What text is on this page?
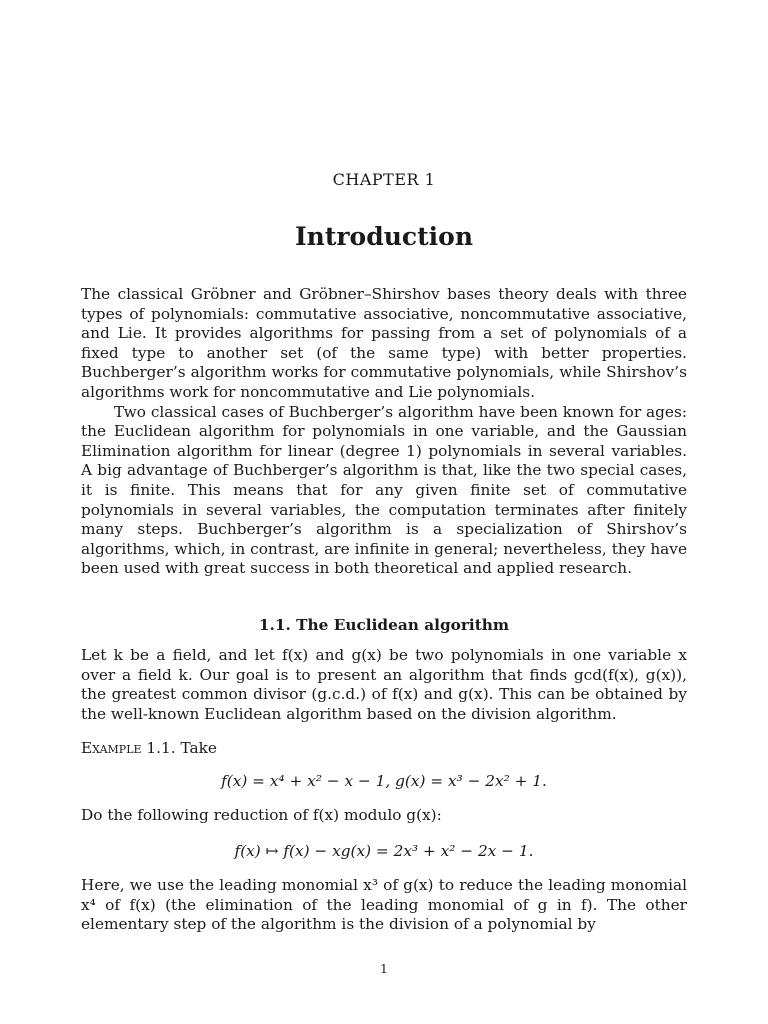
CHAPTER 1
Introduction

The classical Gröbner and Gröbner–Shirshov bases theory deals with three types of polynomials: commutative associative, noncommutative associative, and Lie. It provides algorithms for passing from a set of polynomials of a fixed type to another set (of the same type) with better properties. Buchberger’s algorithm works for commutative polynomials, while Shirshov’s algorithms work for noncommutative and Lie polynomials.

Two classical cases of Buchberger’s algorithm have been known for ages: the Euclidean algorithm for polynomials in one variable, and the Gaussian Elimination algorithm for linear (degree 1) polynomials in several variables. A big advantage of Buchberger’s algorithm is that, like the two special cases, it is finite. This means that for any given finite set of commutative polynomials in several variables, the computation terminates after finitely many steps. Buchberger’s algorithm is a specialization of Shirshov’s algorithms, which, in contrast, are infinite in general; nevertheless, they have been used with great success in both theoretical and applied research.

1.1. The Euclidean algorithm

Let k be a field, and let f(x) and g(x) be two polynomials in one variable x over a field k. Our goal is to present an algorithm that finds gcd(f(x), g(x)), the greatest common divisor (g.c.d.) of f(x) and g(x). This can be obtained by the well-known Euclidean algorithm based on the division algorithm.

Example 1.1. Take
f(x) = x⁴ + x² − x − 1, g(x) = x³ − 2x² + 1.
Do the following reduction of f(x) modulo g(x):
f(x) ↦ f(x) − xg(x) = 2x³ + x² − 2x − 1.

Here, we use the leading monomial x³ of g(x) to reduce the leading monomial x⁴ of f(x) (the elimination of the leading monomial of g in f). The other elementary step of the algorithm is the division of a polynomial by

1
